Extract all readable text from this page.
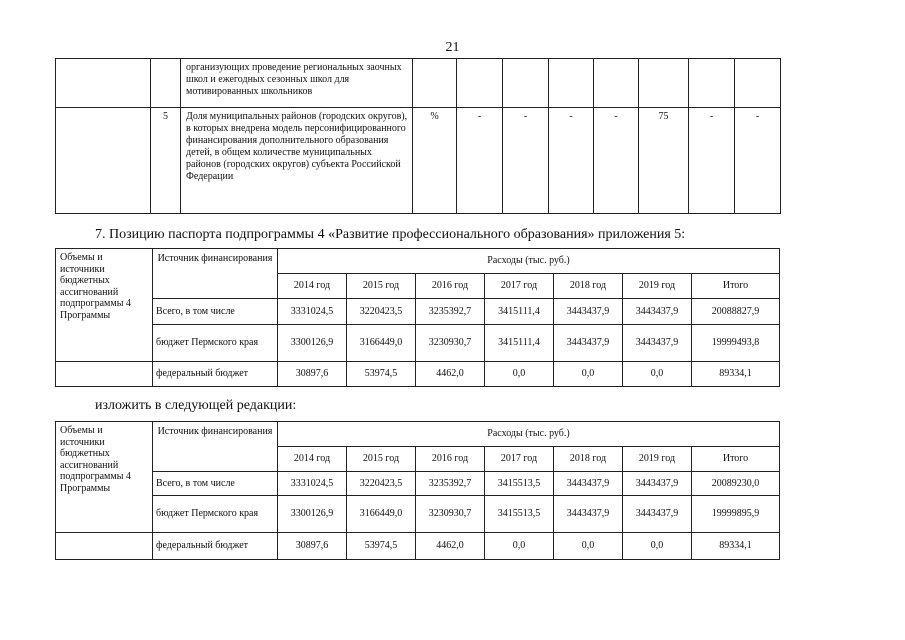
21
		организующих проведение региональных заочных школ и ежегодных сезонных школ для мотивированных школьников								
	5	Доля муниципальных районов (городских округов), в которых внедрена модель персонифицированного финансирования дополнительного образования детей, в общем количестве муниципальных районов (городских округов) субъекта Российской Федерации	%	-	-	-	-	75	-	-
7. Позицию паспорта подпрограммы 4 «Развитие профессионального образования» приложения 5:
Объемы и источники бюджетных ассигнований подпрограммы 4 Программы	Источник финансирования	Расходы (тыс. руб.)						
		2014 год	2015 год	2016 год	2017 год	2018 год	2019 год	Итого
	Всего, в том числе	3331024,5	3220423,5	3235392,7	3415111,4	3443437,9	3443437,9	20088827,9
	бюджет Пермского края	3300126,9	3166449,0	3230930,7	3415111,4	3443437,9	3443437,9	19999493,8
	федеральный бюджет	30897,6	53974,5	4462,0	0,0	0,0	0,0	89334,1
изложить в следующей редакции:
Объемы и источники бюджетных ассигнований подпрограммы 4 Программы	Источник финансирования	Расходы (тыс. руб.)						
		2014 год	2015 год	2016 год	2017 год	2018 год	2019 год	Итого
	Всего, в том числе	3331024,5	3220423,5	3235392,7	3415513,5	3443437,9	3443437,9	20089230,0
	бюджет Пермского края	3300126,9	3166449,0	3230930,7	3415513,5	3443437,9	3443437,9	19999895,9
	федеральный бюджет	30897,6	53974,5	4462,0	0,0	0,0	0,0	89334,1
